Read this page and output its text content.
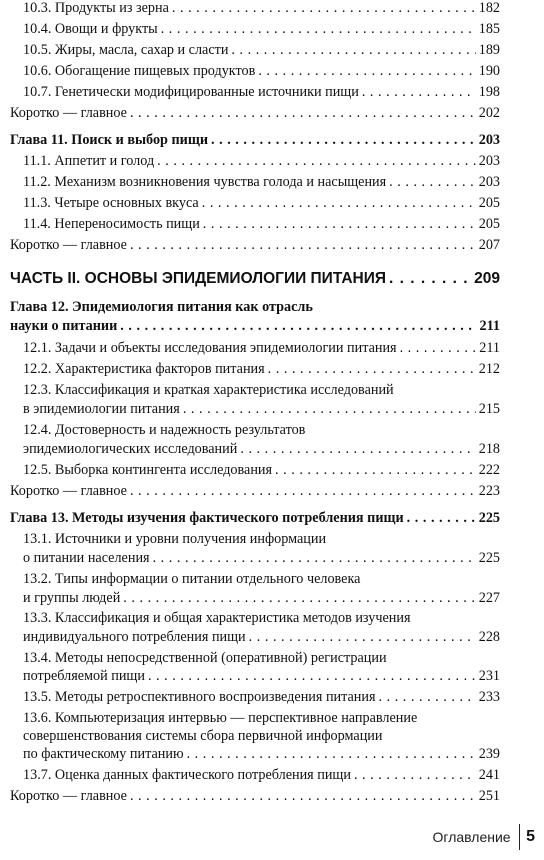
10.3. Продукты из зерна . . .	182
10.4. Овощи и фрукты . . .	185
10.5. Жиры, масла, сахар и сласти . . .	189
10.6. Обогащение пищевых продуктов . . .	190
10.7. Генетически модифицированные источники пищи . . .	198
Коротко — главное . . .	202
Глава 11. Поиск и выбор пищи . . .	203
11.1. Аппетит и голод . . .	203
11.2. Механизм возникновения чувства голода и насыщения . . .	203
11.3. Четыре основных вкуса . . .	205
11.4. Непереносимость пищи . . .	205
Коротко — главное . . .	207
ЧАСТЬ II. ОСНОВЫ ЭПИДЕМИОЛОГИИ ПИТАНИЯ . . .	209
Глава 12. Эпидемиология питания как отрасль
науки о питании . . .	211
12.1. Задачи и объекты исследования эпидемиологии питания . . .	211
12.2. Характеристика факторов питания . . .	212
12.3. Классификация и краткая характеристика исследований
в эпидемиологии питания . . .	215
12.4. Достоверность и надежность результатов
эпидемиологических исследований . . .	218
12.5. Выборка контингента исследования . . .	222
Коротко — главное . . .	223
Глава 13. Методы изучения фактического потребления пищи . . .	225
13.1. Источники и уровни получения информации
о питании населения . . .	225
13.2. Типы информации о питании отдельного человека
и группы людей . . .	227
13.3. Классификация и общая характеристика методов изучения
индивидуального потребления пищи . . .	228
13.4. Методы непосредственной (оперативной) регистрации
потребляемой пищи . . .	231
13.5. Методы ретроспективного воспроизведения питания . . .	233
13.6. Компьютеризация интервью — перспективное направление
совершенствования системы сбора первичной информации
по фактическому питанию . . .	239
13.7. Оценка данных фактического потребления пищи . . .	241
Коротко — главное . . .	251
Оглавление 5
